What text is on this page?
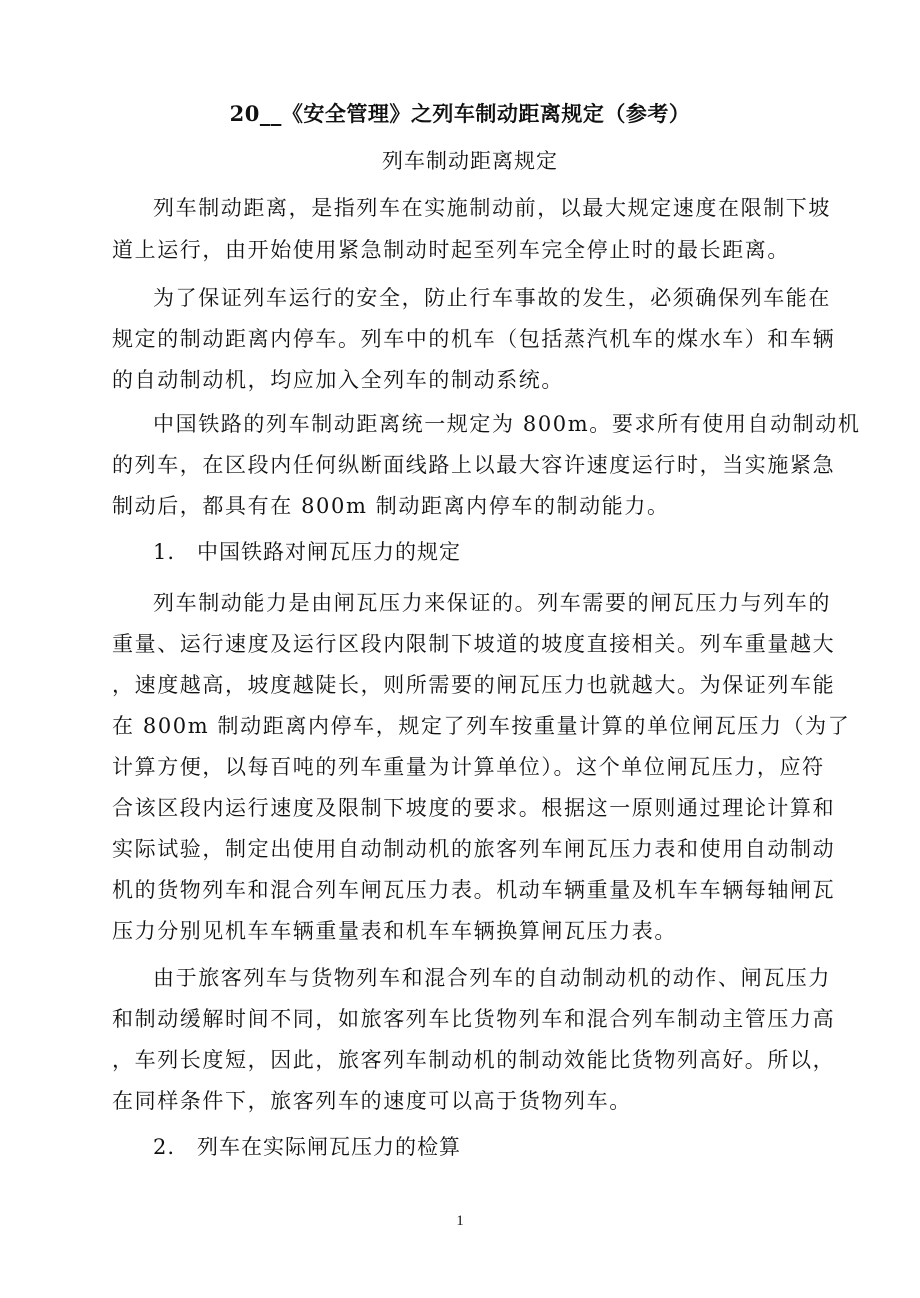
20__《安全管理》之列车制动距离规定（参考）
列车制动距离规定
列车制动距离，是指列车在实施制动前，以最大规定速度在限制下坡
道上运行，由开始使用紧急制动时起至列车完全停止时的最长距离。
为了保证列车运行的安全，防止行车事故的发生，必须确保列车能在
规定的制动距离内停车。列车中的机车（包括蒸汽机车的煤水车）和车辆
的自动制动机，均应加入全列车的制动系统。
中国铁路的列车制动距离统一规定为 800m。要求所有使用自动制动机
的列车，在区段内任何纵断面线路上以最大容许速度运行时，当实施紧急
制动后，都具有在 800m 制动距离内停车的制动能力。
1.　中国铁路对闸瓦压力的规定
列车制动能力是由闸瓦压力来保证的。列车需要的闸瓦压力与列车的
重量、运行速度及运行区段内限制下坡道的坡度直接相关。列车重量越大
，速度越高，坡度越陡长，则所需要的闸瓦压力也就越大。为保证列车能
在 800m 制动距离内停车，规定了列车按重量计算的单位闸瓦压力（为了
计算方便，以每百吨的列车重量为计算单位）。这个单位闸瓦压力，应符
合该区段内运行速度及限制下坡度的要求。根据这一原则通过理论计算和
实际试验，制定出使用自动制动机的旅客列车闸瓦压力表和使用自动制动
机的货物列车和混合列车闸瓦压力表。机动车辆重量及机车车辆每轴闸瓦
压力分别见机车车辆重量表和机车车辆换算闸瓦压力表。
由于旅客列车与货物列车和混合列车的自动制动机的动作、闸瓦压力
和制动缓解时间不同，如旅客列车比货物列车和混合列车制动主管压力高
，车列长度短，因此，旅客列车制动机的制动效能比货物列高好。所以，
在同样条件下，旅客列车的速度可以高于货物列车。
2.　列车在实际闸瓦压力的检算
1
